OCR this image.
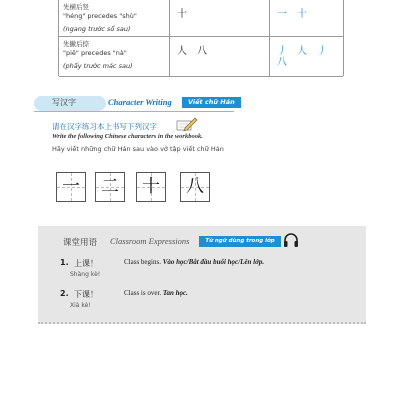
先横后竖
"héng" precedes "shù"
(ngang trước sổ sau)
十	一　十
先撇后捺
"piě" precedes "nà"
(phẩy trước mác sau)
人　八	丿　人　丿　八
写汉字	Character Writing	Viết chữ Hán
请在汉字练习本上书写下列汉字
Write the following Chinese characters in the workbook.
Hãy viết những chữ Hán sau vào vở tập viết chữ Hán
一 二 十 八
课堂用语 Classroom Expressions	Từ ngữ dùng trong lớp
1. 上课！	Class begins. Vào học/Bắt đầu buổi học/Lên lớp.
Shàng kè!
2. 下课！	Class is over. Tan học.
Xià kè!
